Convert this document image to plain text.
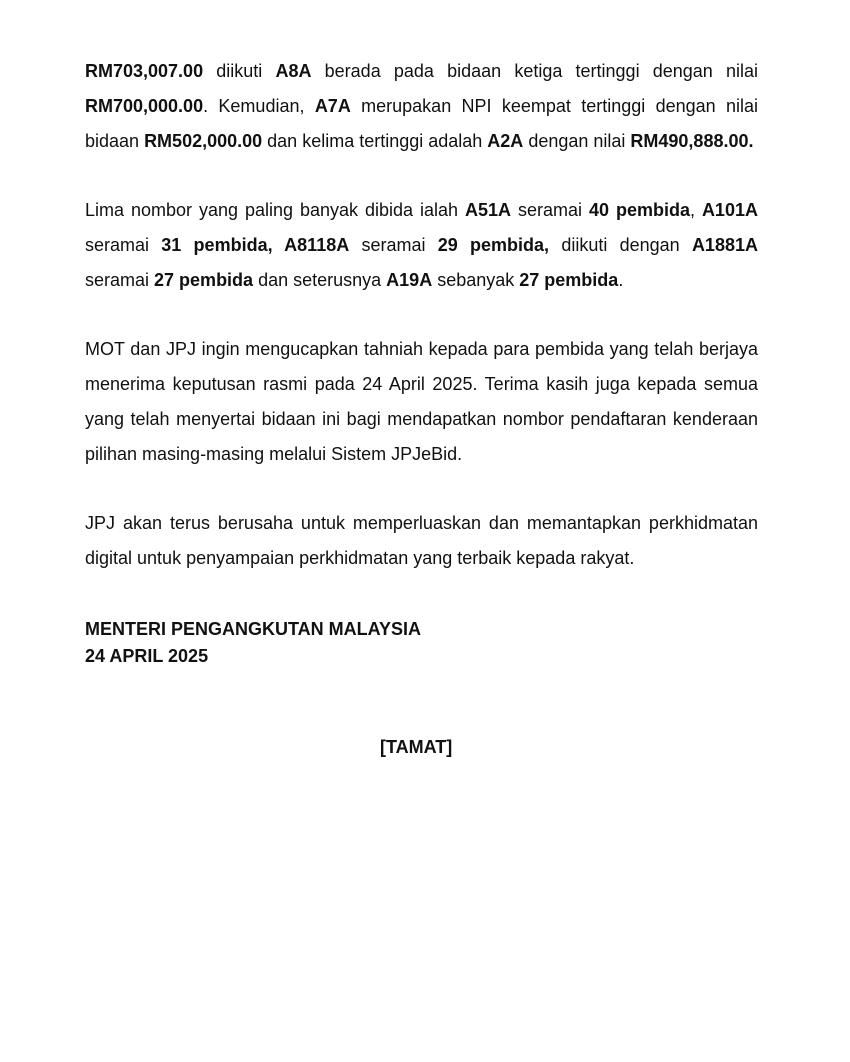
RM703,007.00 diikuti A8A berada pada bidaan ketiga tertinggi dengan nilai RM700,000.00. Kemudian, A7A merupakan NPI keempat tertinggi dengan nilai bidaan RM502,000.00 dan kelima tertinggi adalah A2A dengan nilai RM490,888.00.

Lima nombor yang paling banyak dibida ialah A51A seramai 40 pembida, A101A seramai 31 pembida, A8118A seramai 29 pembida, diikuti dengan A1881A seramai 27 pembida dan seterusnya A19A sebanyak 27 pembida.

MOT dan JPJ ingin mengucapkan tahniah kepada para pembida yang telah berjaya menerima keputusan rasmi pada 24 April 2025. Terima kasih juga kepada semua yang telah menyertai bidaan ini bagi mendapatkan nombor pendaftaran kenderaan pilihan masing-masing melalui Sistem JPJeBid.

JPJ akan terus berusaha untuk memperluaskan dan memantapkan perkhidmatan digital untuk penyampaian perkhidmatan yang terbaik kepada rakyat.

MENTERI PENGANGKUTAN MALAYSIA
24 APRIL 2025
[TAMAT]
